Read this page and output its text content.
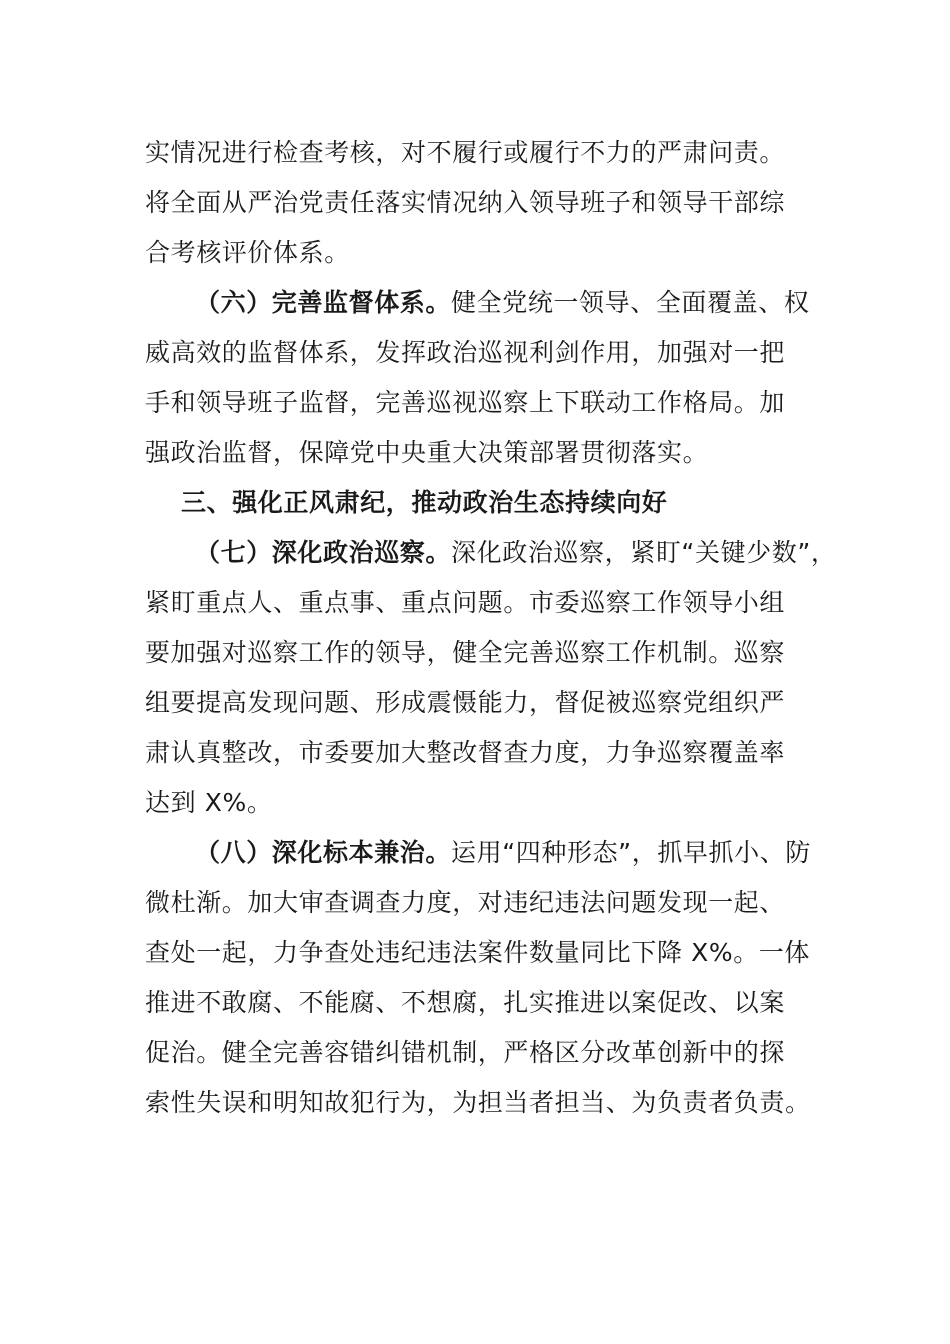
实情况进行检查考核，对不履行或履行不力的严肃问责。
将全面从严治党责任落实情况纳入领导班子和领导干部综
合考核评价体系。

（六）完善监督体系。健全党统一领导、全面覆盖、权
威高效的监督体系，发挥政治巡视利剑作用，加强对一把
手和领导班子监督，完善巡视巡察上下联动工作格局。加
强政治监督，保障党中央重大决策部署贯彻落实。

三、强化正风肃纪，推动政治生态持续向好

（七）深化政治巡察。深化政治巡察，紧盯“关键少数”，
紧盯重点人、重点事、重点问题。市委巡察工作领导小组
要加强对巡察工作的领导，健全完善巡察工作机制。巡察
组要提高发现问题、形成震慑能力，督促被巡察党组织严
肃认真整改，市委要加大整改督查力度，力争巡察覆盖率
达到 X%。

（八）深化标本兼治。运用“四种形态”，抓早抓小、防
微杜渐。加大审查调查力度，对违纪违法问题发现一起、
查处一起，力争查处违纪违法案件数量同比下降 X%。一体
推进不敢腐、不能腐、不想腐，扎实推进以案促改、以案
促治。健全完善容错纠错机制，严格区分改革创新中的探
索性失误和明知故犯行为，为担当者担当、为负责者负责。
